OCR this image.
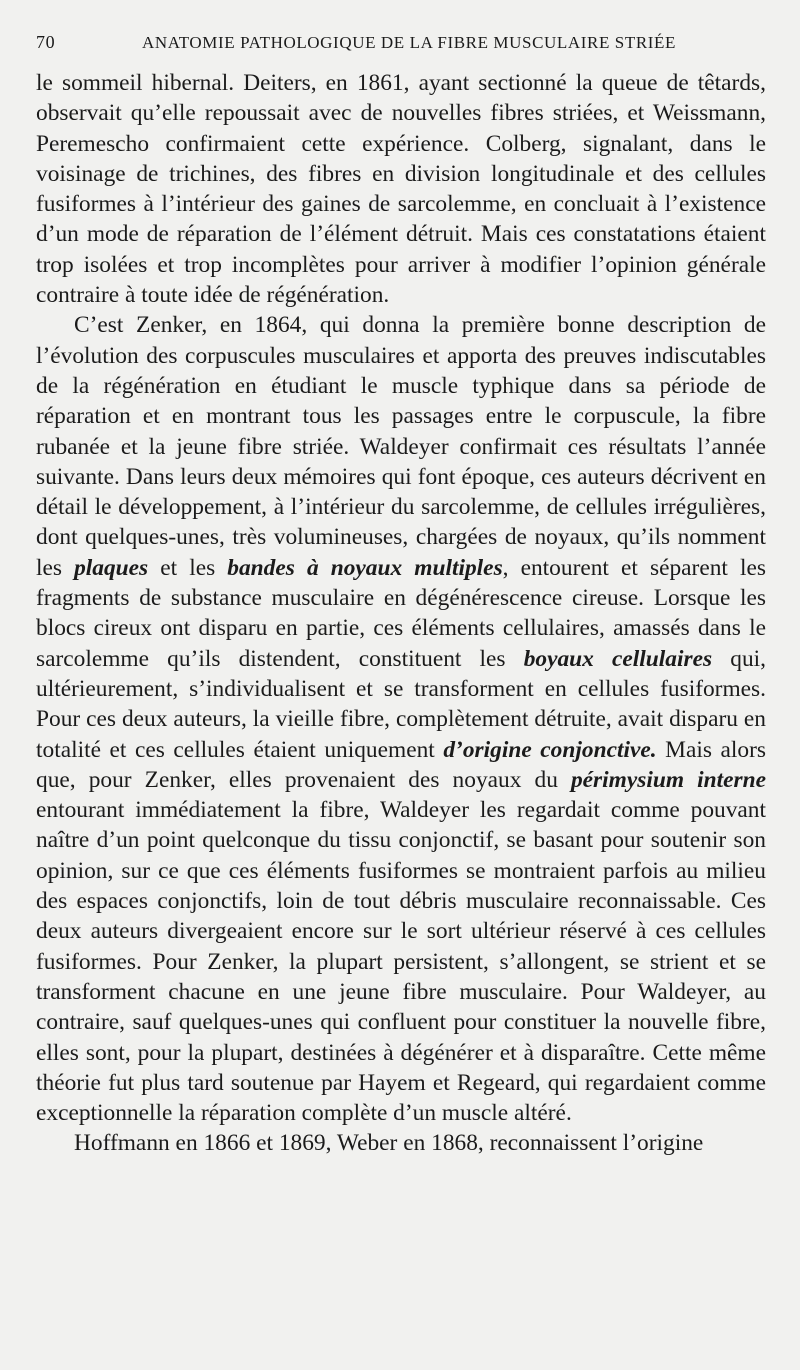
70	ANATOMIE PATHOLOGIQUE DE LA FIBRE MUSCULAIRE STRIÉE

le sommeil hibernal. Deiters, en 1861, ayant sectionné la queue de têtards, observait qu’elle repoussait avec de nouvelles fibres striées, et Weissmann, Peremescho confirmaient cette expérience. Colberg, signalant, dans le voisinage de trichines, des fibres en division longitudinale et des cellules fusiformes à l’intérieur des gaines de sarcolemme, en concluait à l’existence d’un mode de réparation de l’élément détruit. Mais ces constatations étaient trop isolées et trop incomplètes pour arriver à modifier l’opinion générale contraire à toute idée de régénération.

C’est Zenker, en 1864, qui donna la première bonne description de l’évolution des corpuscules musculaires et apporta des preuves indiscutables de la régénération en étudiant le muscle typhique dans sa période de réparation et en montrant tous les passages entre le corpuscule, la fibre rubanée et la jeune fibre striée. Waldeyer confirmait ces résultats l’année suivante. Dans leurs deux mémoires qui font époque, ces auteurs décrivent en détail le développement, à l’intérieur du sarcolemme, de cellules irrégulières, dont quelques-unes, très volumineuses, chargées de noyaux, qu’ils nomment les plaques et les bandes à noyaux multiples, entourent et séparent les fragments de substance musculaire en dégénérescence cireuse. Lorsque les blocs cireux ont disparu en partie, ces éléments cellulaires, amassés dans le sarcolemme qu’ils distendent, constituent les boyaux cellulaires qui, ultérieurement, s’individualisent et se transforment en cellules fusiformes. Pour ces deux auteurs, la vieille fibre, complètement détruite, avait disparu en totalité et ces cellules étaient uniquement d’origine conjonctive. Mais alors que, pour Zenker, elles provenaient des noyaux du périmysium interne entourant immédiatement la fibre, Waldeyer les regardait comme pouvant naître d’un point quelconque du tissu conjonctif, se basant pour soutenir son opinion, sur ce que ces éléments fusiformes se montraient parfois au milieu des espaces conjonctifs, loin de tout débris musculaire reconnaissable. Ces deux auteurs divergeaient encore sur le sort ultérieur réservé à ces cellules fusiformes. Pour Zenker, la plupart persistent, s’allongent, se strient et se transforment chacune en une jeune fibre musculaire. Pour Waldeyer, au contraire, sauf quelques-unes qui confluent pour constituer la nouvelle fibre, elles sont, pour la plupart, destinées à dégénérer et à disparaître. Cette même théorie fut plus tard soutenue par Hayem et Regeard, qui regardaient comme exceptionnelle la réparation complète d’un muscle altéré.

Hoffmann en 1866 et 1869, Weber en 1868, reconnaissent l’origine
